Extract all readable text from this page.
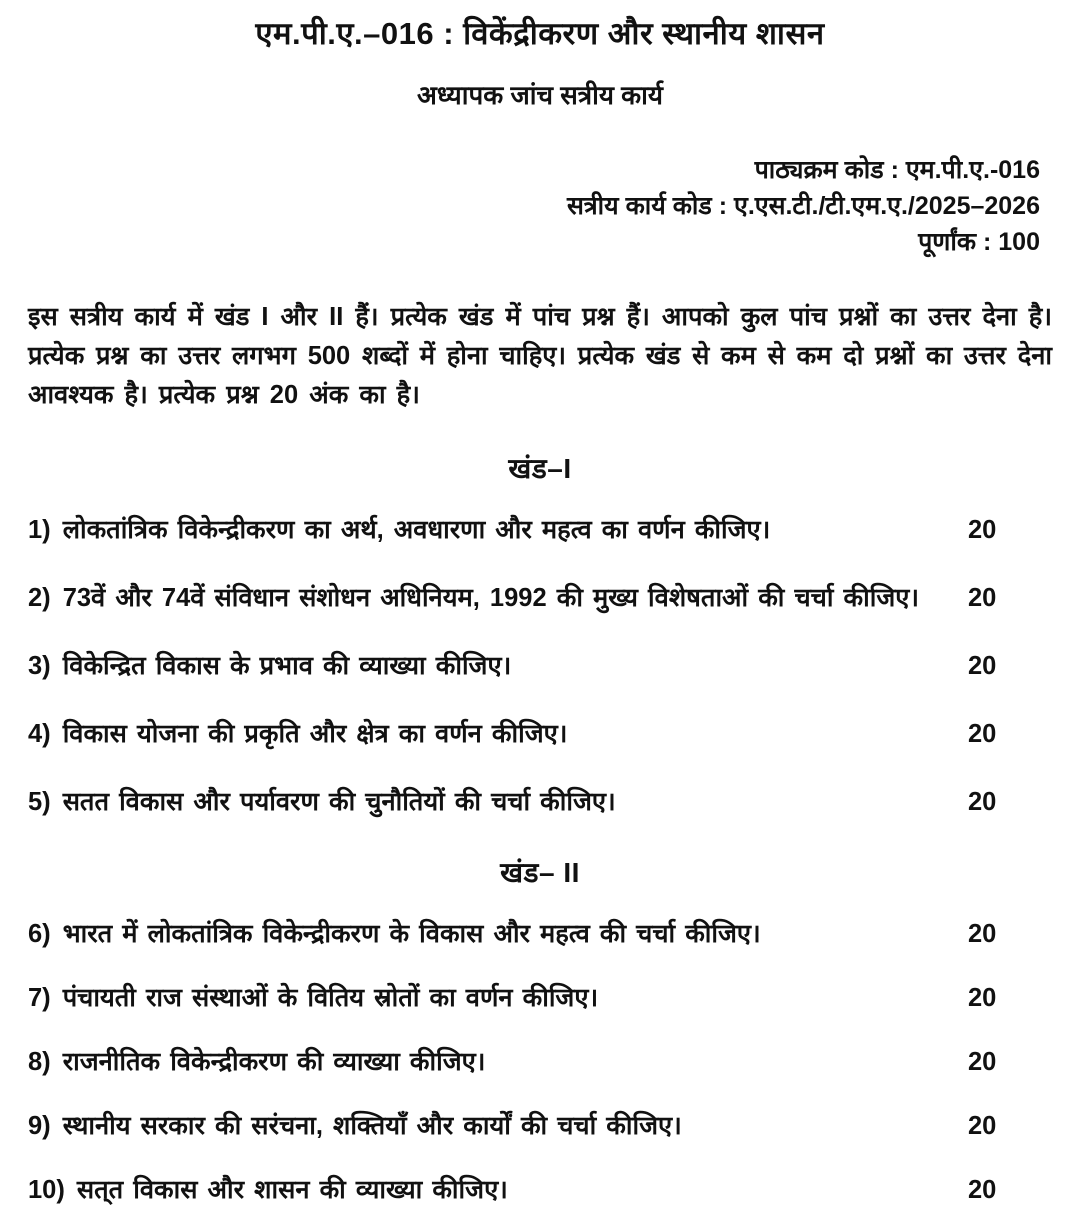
एम.पी.ए.–016 : विकेंद्रीकरण और स्थानीय शासन
अध्यापक जांच सत्रीय कार्य
पाठ्यक्रम कोड : एम.पी.ए.-016
सत्रीय कार्य कोड : ए.एस.टी./टी.एम.ए./2025–2026
पूर्णांक : 100
इस सत्रीय कार्य में खंड I और II हैं। प्रत्येक खंड में पांच प्रश्न हैं। आपको कुल पांच प्रश्नों का उत्तर देना है। प्रत्येक प्रश्न का उत्तर लगभग 500 शब्दों में होना चाहिए। प्रत्येक खंड से कम से कम दो प्रश्नों का उत्तर देना आवश्यक है। प्रत्येक प्रश्न 20 अंक का है।
खंड–I
1) लोकतांत्रिक विकेन्द्रीकरण का अर्थ, अवधारणा और महत्व का वर्णन कीजिए।	20
2) 73वें और 74वें संविधान संशोधन अधिनियम, 1992 की मुख्य विशेषताओं की चर्चा कीजिए।	20
3) विकेन्द्रित विकास के प्रभाव की व्याख्या कीजिए।	20
4) विकास योजना की प्रकृति और क्षेत्र का वर्णन कीजिए।	20
5) सतत विकास और पर्यावरण की चुनौतियों की चर्चा कीजिए।	20
खंड– II
6) भारत में लोकतांत्रिक विकेन्द्रीकरण के विकास और महत्व की चर्चा कीजिए।	20
7) पंचायती राज संस्थाओं के वितिय स्रोतों का वर्णन कीजिए।	20
8) राजनीतिक विकेन्द्रीकरण की व्याख्या कीजिए।	20
9) स्थानीय सरकार की सरंचना, शक्तियाँ और कार्यों की चर्चा कीजिए।	20
10) सत्‌त विकास और शासन की व्याख्या कीजिए।	20
